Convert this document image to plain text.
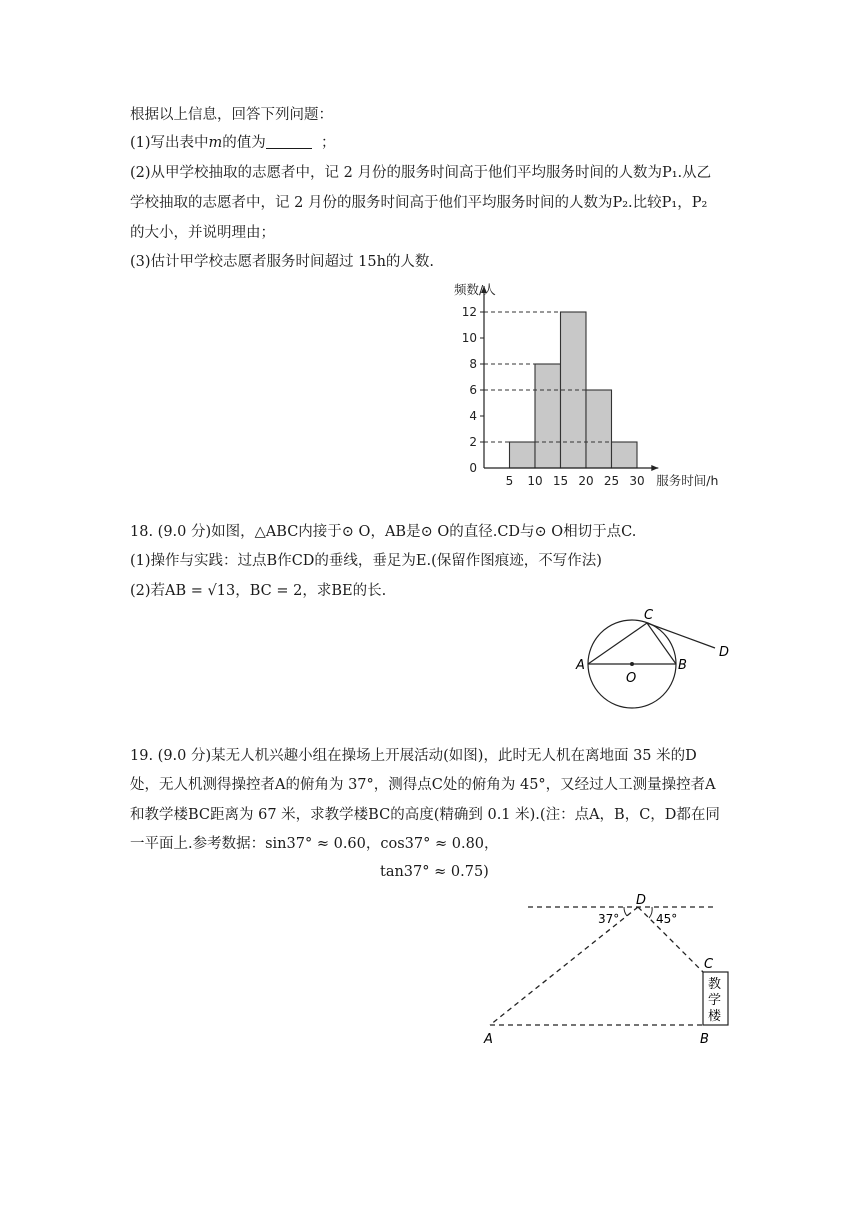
根据以上信息，回答下列问题：
(1)写出表中m的值为	；
(2)从甲学校抽取的志愿者中，记 2 月份的服务时间高于他们平均服务时间的人数为P₁.从乙
学校抽取的志愿者中，记 2 月份的服务时间高于他们平均服务时间的人数为P₂.比较P₁，P₂
的大小，并说明理由；
(3)估计甲学校志愿者服务时间超过 15h的人数.
0
2
4
6
8
10
12
5 10 15 20 25 30
频数/人
服务时间/h
18. (9.0 分)如图，△ABC内接于⊙ O，AB是⊙ O的直径.CD与⊙ O相切于点C.
(1)操作与实践：过点B作CD的垂线，垂足为E.(保留作图痕迹，不写作法)
(2)若AB = √13，BC = 2，求BE的长.
A	B
C
D
O
19. (9.0 分)某无人机兴趣小组在操场上开展活动(如图)，此时无人机在离地面 35 米的D
处，无人机测得操控者A的俯角为 37°，测得点C处的俯角为 45°，又经过人工测量操控者A
和教学楼BC距离为 67 米，求教学楼BC的高度(精确到 0.1 米).(注：点A，B，C，D都在同
一平面上.参考数据：sin37° ≈ 0.60，cos37° ≈ 0.80，
tan37° ≈ 0.75)
教
学
楼
37°	45°
D
C
A	B
